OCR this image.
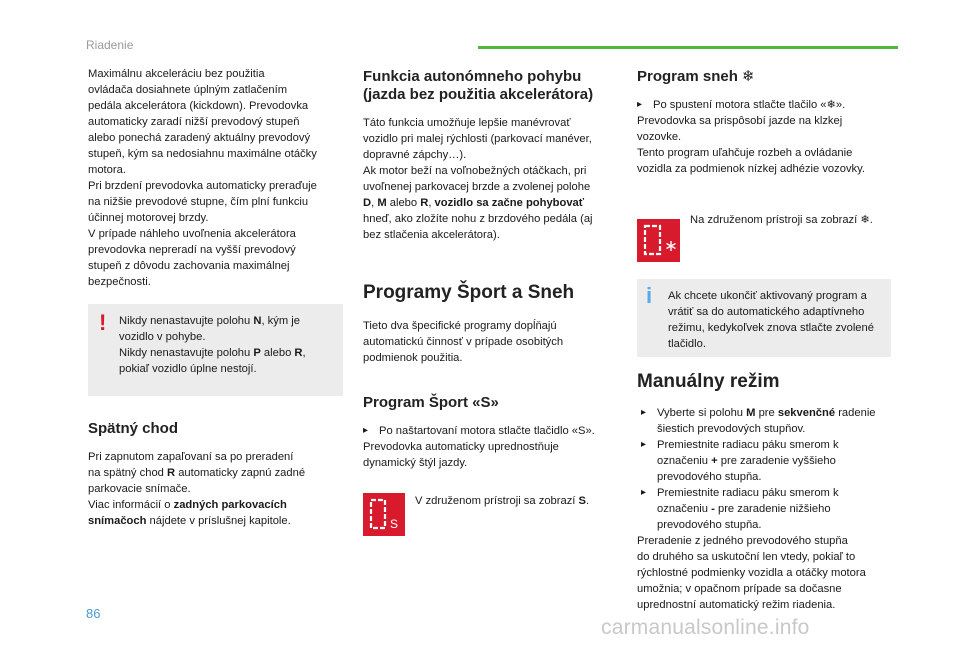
Riadenie
Maximálnu akceleráciu bez použitia
ovládača dosiahnete úplným zatlačením
pedála akcelerátora (kickdown). Prevodovka
automaticky zaradí nižší prevodový stupeň
alebo ponechá zaradený aktuálny prevodový
stupeň, kým sa nedosiahnu maximálne otáčky
motora.
Pri brzdení prevodovka automaticky preraďuje
na nižšie prevodové stupne, čím plní funkciu
účinnej motorovej brzdy.
V prípade náhleho uvoľnenia akcelerátora
prevodovka nepreradí na vyšší prevodový
stupeň z dôvodu zachovania maximálnej
bezpečnosti.
! Nikdy nenastavujte polohu N, kým je
vozidlo v pohybe.
Nikdy nenastavujte polohu P alebo R,
pokiaľ vozidlo úplne nestojí.
Spätný chod
Pri zapnutom zapaľovaní sa po preradení
na spätný chod R automaticky zapnú zadné
parkovacie snímače.
Viac informácií o zadných parkovacích
snímačoch nájdete v príslušnej kapitole.
Funkcia autonómneho pohybu
(jazda bez použitia akcelerátora)
Táto funkcia umožňuje lepšie manévrovať
vozidlo pri malej rýchlosti (parkovací manéver,
dopravné zápchy…).
Ak motor beží na voľnobežných otáčkach, pri
uvoľnenej parkovacej brzde a zvolenej polohe
D, M alebo R, vozidlo sa začne pohybovať
hneď, ako zložíte nohu z brzdového pedála (aj
bez stlačenia akcelerátora).
Programy Šport a Sneh
Tieto dva špecifické programy dopĺňajú
automatickú činnosť v prípade osobitých
podmienok použitia.
Program Šport «S»
▸ Po naštartovaní motora stlačte tlačidlo «S».
Prevodovka automaticky uprednostňuje
dynamický štýl jazdy.
S
V združenom prístroji sa zobrazí S.
Program sneh ❄
▸ Po spustení motora stlačte tlačilo «❄».
Prevodovka sa prispôsobí jazde na klzkej
vozovke.
Tento program uľahčuje rozbeh a ovládanie
vozidla za podmienok nízkej adhézie vozovky.
Na združenom prístroji sa zobrazí ❄.
i Ak chcete ukončiť aktivovaný program a
vrátiť sa do automatického adaptívneho
režimu, kedykoľvek znova stlačte zvolené
tlačidlo.
Manuálny režim
▸ Vyberte si polohu M pre sekvenčné radenie
šiestich prevodových stupňov.
▸ Premiestnite radiacu páku smerom k
označeniu + pre zaradenie vyššieho
prevodového stupňa.
▸ Premiestnite radiacu páku smerom k
označeniu - pre zaradenie nižšieho
prevodového stupňa.
Preradenie z jedného prevodového stupňa
do druhého sa uskutoční len vtedy, pokiaľ to
rýchlostné podmienky vozidla a otáčky motora
umožnia; v opačnom prípade sa dočasne
uprednostní automatický režim riadenia.
86
carmanualsonline.info
